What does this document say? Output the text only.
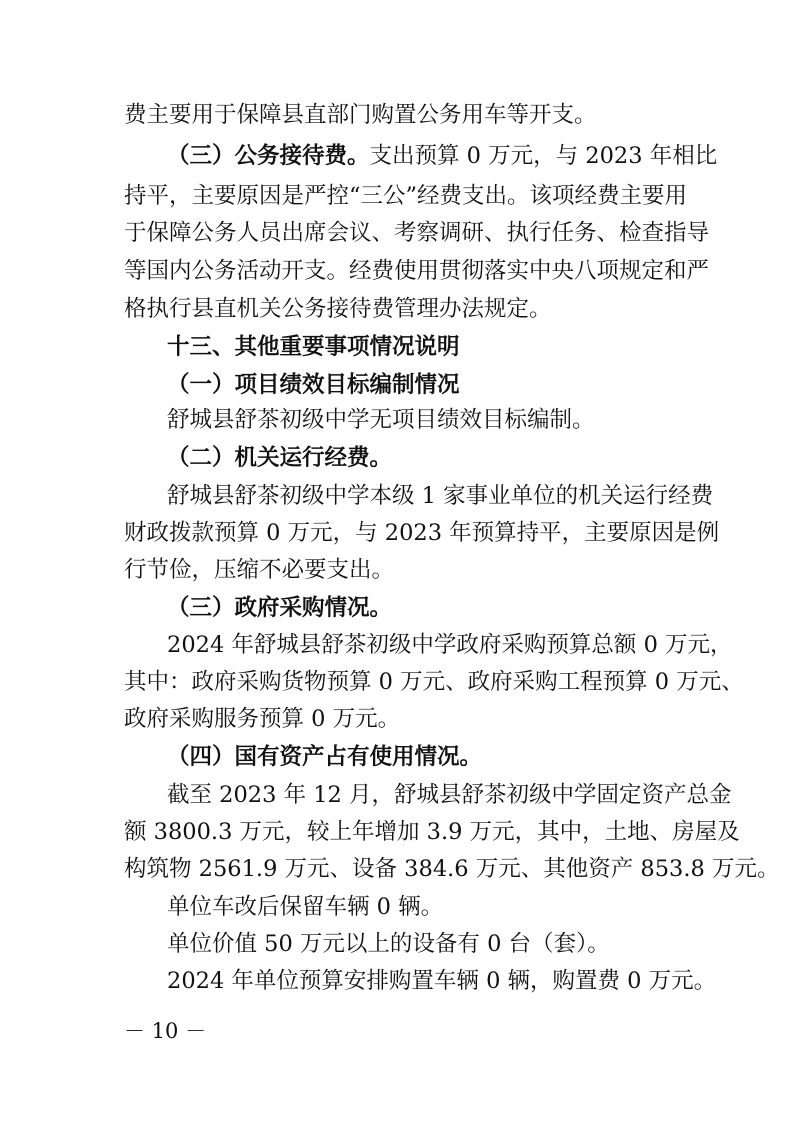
费主要用于保障县直部门购置公务用车等开支。
（三）公务接待费。支出预算 0 万元，与 2023 年相比
持平，主要原因是严控“三公”经费支出。该项经费主要用
于保障公务人员出席会议、考察调研、执行任务、检查指导
等国内公务活动开支。经费使用贯彻落实中央八项规定和严
格执行县直机关公务接待费管理办法规定。
十三、其他重要事项情况说明
（一）项目绩效目标编制情况
舒城县舒茶初级中学无项目绩效目标编制。
（二）机关运行经费。
舒城县舒茶初级中学本级 1 家事业单位的机关运行经费
财政拨款预算 0 万元，与 2023 年预算持平，主要原因是例
行节俭，压缩不必要支出。
（三）政府采购情况。
2024 年舒城县舒茶初级中学政府采购预算总额 0 万元，
其中：政府采购货物预算 0 万元、政府采购工程预算 0 万元、
政府采购服务预算 0 万元。
（四）国有资产占有使用情况。
截至 2023 年 12 月，舒城县舒茶初级中学固定资产总金
额 3800.3 万元，较上年增加 3.9 万元，其中，土地、房屋及
构筑物 2561.9 万元、设备 384.6 万元、其他资产 853.8 万元。
单位车改后保留车辆 0 辆。
单位价值 50 万元以上的设备有 0 台（套）。
2024 年单位预算安排购置车辆 0 辆，购置费 0 万元。
－ 10 －
